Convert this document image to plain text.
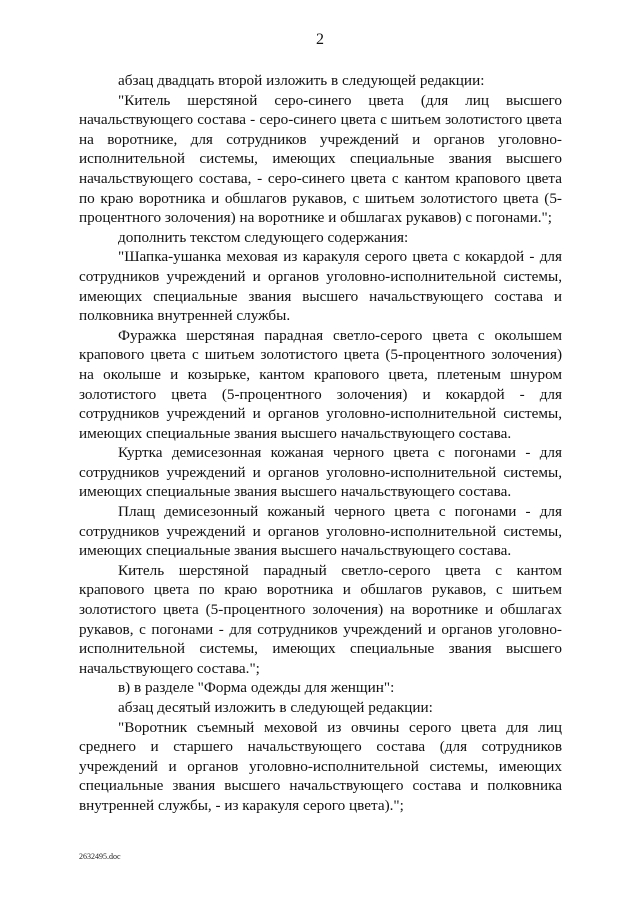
2

абзац двадцать второй изложить в следующей редакции:

"Китель шерстяной серо-синего цвета (для лиц высшего начальствующего состава - серо-синего цвета с шитьем золотистого цвета на воротнике, для сотрудников учреждений и органов уголовно-исполнительной системы, имеющих специальные звания высшего начальствующего состава, - серо-синего цвета с кантом крапового цвета по краю воротника и обшлагов рукавов, с шитьем золотистого цвета (5-процентного золочения) на воротнике и обшлагах рукавов) с погонами.";

дополнить текстом следующего содержания:

"Шапка-ушанка меховая из каракуля серого цвета с кокардой - для сотрудников учреждений и органов уголовно-исполнительной системы, имеющих специальные звания высшего начальствующего состава и полковника внутренней службы.

Фуражка шерстяная парадная светло-серого цвета с околышем крапового цвета с шитьем золотистого цвета (5-процентного золочения) на околыше и козырьке, кантом крапового цвета, плетеным шнуром золотистого цвета (5-процентного золочения) и кокардой - для сотрудников учреждений и органов уголовно-исполнительной системы, имеющих специальные звания высшего начальствующего состава.

Куртка демисезонная кожаная черного цвета с погонами - для сотрудников учреждений и органов уголовно-исполнительной системы, имеющих специальные звания высшего начальствующего состава.

Плащ демисезонный кожаный черного цвета с погонами - для сотрудников учреждений и органов уголовно-исполнительной системы, имеющих специальные звания высшего начальствующего состава.

Китель шерстяной парадный светло-серого цвета с кантом крапового цвета по краю воротника и обшлагов рукавов, с шитьем золотистого цвета (5-процентного золочения) на воротнике и обшлагах рукавов, с погонами - для сотрудников учреждений и органов уголовно-исполнительной системы, имеющих специальные звания высшего начальствующего состава.";

в) в разделе "Форма одежды для женщин":

абзац десятый изложить в следующей редакции:

"Воротник съемный меховой из овчины серого цвета для лиц среднего и старшего начальствующего состава (для сотрудников учреждений и органов уголовно-исполнительной системы, имеющих специальные звания высшего начальствующего состава и полковника внутренней службы, - из каракуля серого цвета).";

2632495.doc
